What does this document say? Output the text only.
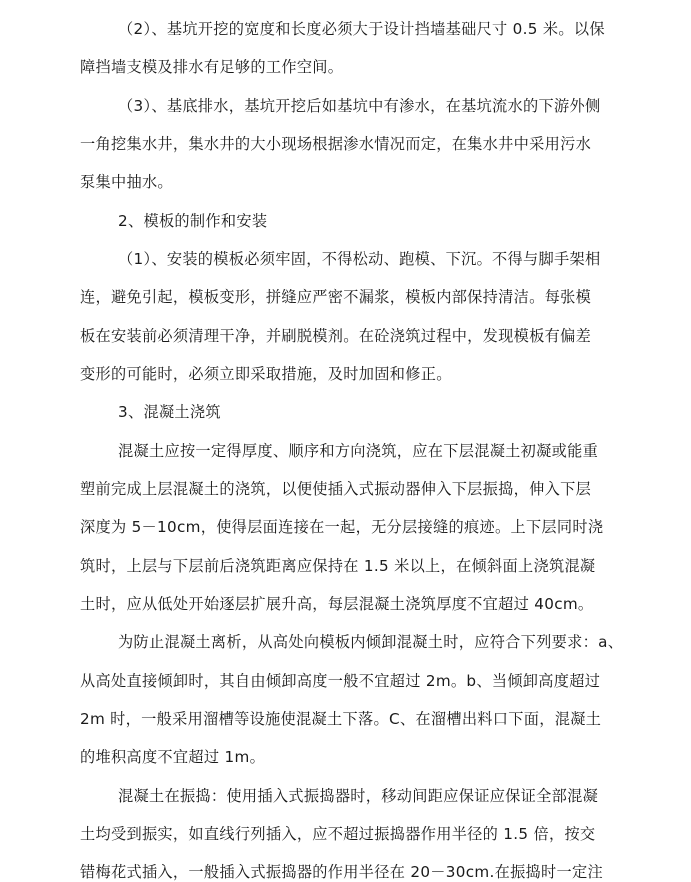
（2）、基坑开挖的宽度和长度必须大于设计挡墙基础尺寸 0.5 米。以保
障挡墙支模及排水有足够的工作空间。
（3）、基底排水，基坑开挖后如基坑中有渗水，在基坑流水的下游外侧
一角挖集水井，集水井的大小现场根据渗水情况而定，在集水井中采用污水
泵集中抽水。
2、模板的制作和安装
（1）、安装的模板必须牢固，不得松动、跑模、下沉。不得与脚手架相
连，避免引起，模板变形，拼缝应严密不漏浆，模板内部保持清洁。每张模
板在安装前必须清理干净，并刷脱模剂。在砼浇筑过程中，发现模板有偏差
变形的可能时，必须立即采取措施，及时加固和修正。
3、混凝土浇筑
混凝土应按一定得厚度、顺序和方向浇筑，应在下层混凝土初凝或能重
塑前完成上层混凝土的浇筑，以便使插入式振动器伸入下层振捣，伸入下层
深度为 5－10cm，使得层面连接在一起，无分层接缝的痕迹。上下层同时浇
筑时，上层与下层前后浇筑距离应保持在 1.5 米以上，在倾斜面上浇筑混凝
土时，应从低处开始逐层扩展升高，每层混凝土浇筑厚度不宜超过 40cm。
为防止混凝土离析，从高处向模板内倾卸混凝土时，应符合下列要求：a、
从高处直接倾卸时，其自由倾卸高度一般不宜超过 2m。b、当倾卸高度超过
2m 时，一般采用溜槽等设施使混凝土下落。C、在溜槽出料口下面，混凝土
的堆积高度不宜超过 1m。
混凝土在振捣：使用插入式振捣器时，移动间距应保证应保证全部混凝
土均受到振实，如直线行列插入，应不超过振捣器作用半径的 1.5 倍，按交
错梅花式插入，一般插入式振捣器的作用半径在 20－30cm.在振捣时一定注
